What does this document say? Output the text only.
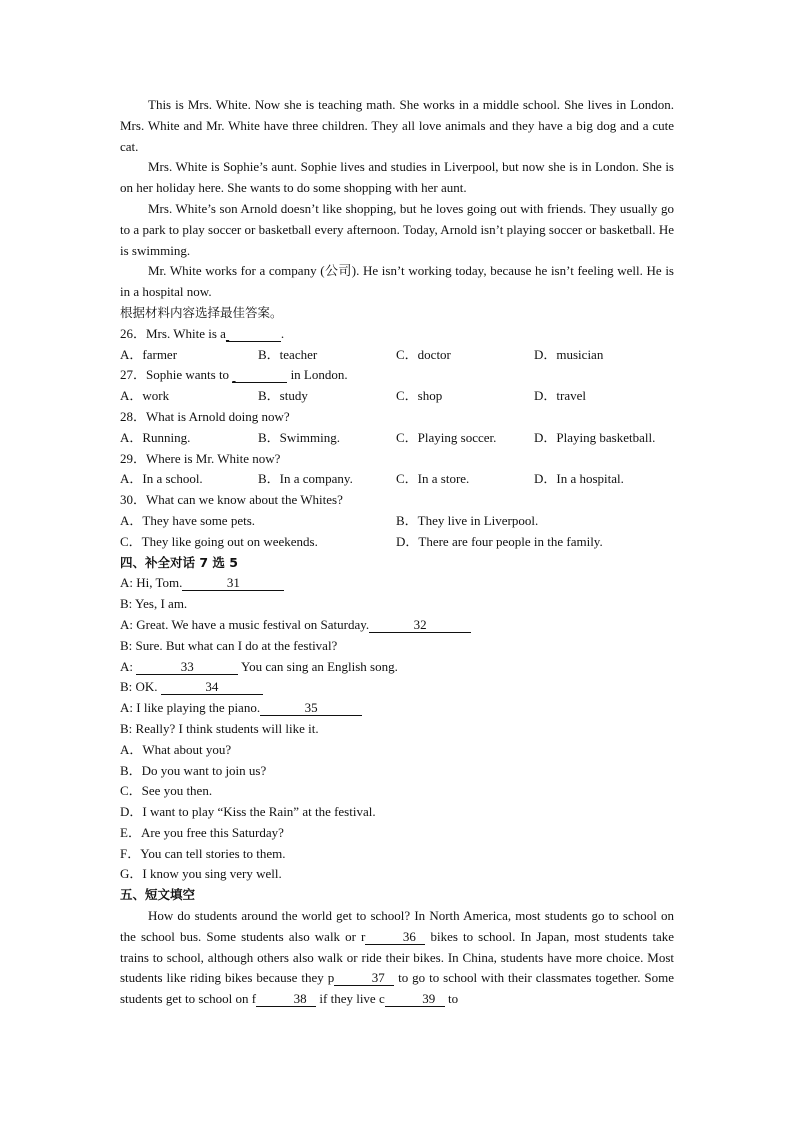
This is Mrs. White. Now she is teaching math. She works in a middle school. She lives in London. Mrs. White and Mr. White have three children. They all love animals and they have a big dog and a cute cat.

Mrs. White is Sophie’s aunt. Sophie lives and studies in Liverpool, but now she is in London. She is on her holiday here. She wants to do some shopping with her aunt.

Mrs. White’s son Arnold doesn’t like shopping, but he loves going out with friends. They usually go to a park to play soccer or basketball every afternoon. Today, Arnold isn’t playing soccer or basketball. He is swimming.

Mr. White works for a company (公司). He isn’t working today, because he isn’t feeling well. He is in a hospital now.

根据材料内容选择最佳答案。

26．Mrs. White is a	.

A．farmer	B．teacher	C．doctor	D．musician

27．Sophie wants to	in London.

A．work	B．study	C．shop	D．travel

28．What is Arnold doing now?

A．Running.	B．Swimming.	C．Playing soccer.	D．Playing basketball.

29．Where is Mr. White now?

A．In a school.	B．In a company.	C．In a store.	D．In a hospital.

30．What can we know about the Whites?

A．They have some pets.	B．They live in Liverpool.
C．They like going out on weekends.	D．There are four people in the family.

四、补全对话 7 选 5

A: Hi, Tom.	31

B: Yes, I am.

A: Great. We have a music festival on Saturday.	32

B: Sure. But what can I do at the festival?

A:	33	You can sing an English song.

B: OK.	34

A: I like playing the piano.	35

B: Really? I think students will like it.

A．What about you?

B．Do you want to join us?

C．See you then.

D．I want to play “Kiss the Rain” at the festival.

E．Are you free this Saturday?

F．You can tell stories to them.

G．I know you sing very well.

五、短文填空

How do students around the world get to school? In North America, most students go to school on the school bus. Some students also walk or r	36 bikes to school. In Japan, most students take trains to school, although others also walk or ride their bikes. In China, students have more choice. Most students like riding bikes because they p	37 to go to school with their classmates together. Some students get to school on f	38 if they live c	39 to
